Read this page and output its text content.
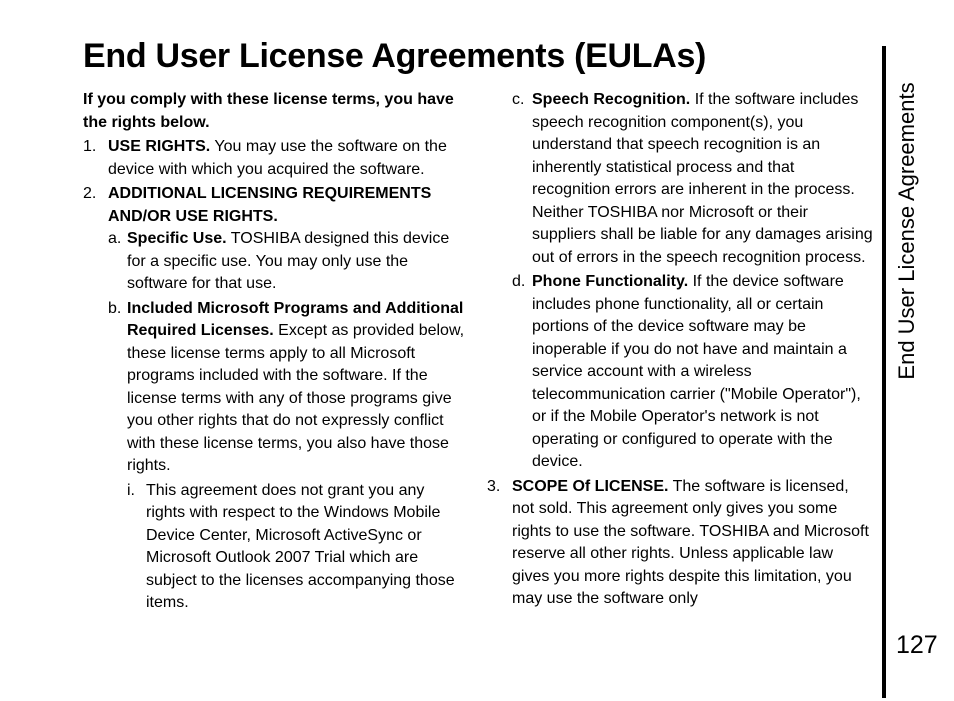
End User License Agreements (EULAs)

If you comply with these license terms, you have the rights below.

1. USE RIGHTS. You may use the software on the device with which you acquired the software.
2. ADDITIONAL LICENSING REQUIREMENTS AND/OR USE RIGHTS.
a. Specific Use. TOSHIBA designed this device for a specific use. You may only use the software for that use.
b. Included Microsoft Programs and Additional Required Licenses. Except as provided below, these license terms apply to all Microsoft programs included with the software. If the license terms with any of those programs give you other rights that do not expressly conflict with these license terms, you also have those rights.
i. This agreement does not grant you any rights with respect to the Windows Mobile Device Center, Microsoft ActiveSync or Microsoft Outlook 2007 Trial which are subject to the licenses accompanying those items.
c. Speech Recognition. If the software includes speech recognition component(s), you understand that speech recognition is an inherently statistical process and that recognition errors are inherent in the process. Neither TOSHIBA nor Microsoft or their suppliers shall be liable for any damages arising out of errors in the speech recognition process.
d. Phone Functionality. If the device software includes phone functionality, all or certain portions of the device software may be inoperable if you do not have and maintain a service account with a wireless telecommunication carrier ("Mobile Operator"), or if the Mobile Operator's network is not operating or configured to operate with the device.
3. SCOPE Of LICENSE. The software is licensed, not sold. This agreement only gives you some rights to use the software. TOSHIBA and Microsoft reserve all other rights. Unless applicable law gives you more rights despite this limitation, you may use the software only
End User License Agreements
127
